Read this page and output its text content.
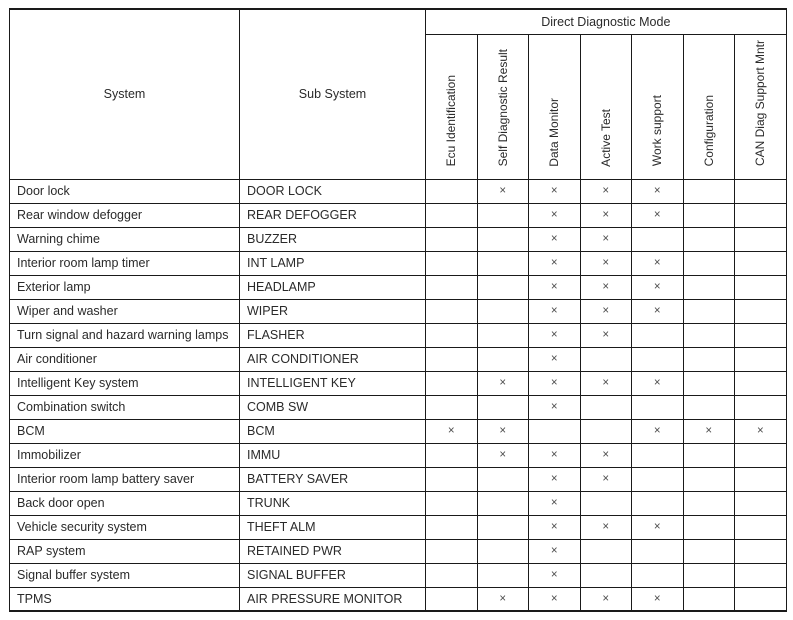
System	Sub System	Direct Diagnostic Mode						
		Ecu Identification	Self Diagnostic Result	Data Monitor	Active Test	Work support	Configuration	CAN Diag Support Mntr
Door lock	DOOR LOCK		×	×	×	×		
Rear window defogger	REAR DEFOGGER			×	×	×		
Warning chime	BUZZER			×	×			
Interior room lamp timer	INT LAMP			×	×	×		
Exterior lamp	HEADLAMP			×	×	×		
Wiper and washer	WIPER			×	×	×		
Turn signal and hazard warning lamps	FLASHER			×	×			
Air conditioner	AIR CONDITIONER			×				
Intelligent Key system	INTELLIGENT KEY		×	×	×	×		
Combination switch	COMB SW			×				
BCM	BCM	×	×			×	×	×
Immobilizer	IMMU		×	×	×			
Interior room lamp battery saver	BATTERY SAVER			×	×			
Back door open	TRUNK			×				
Vehicle security system	THEFT ALM			×	×	×		
RAP system	RETAINED PWR			×				
Signal buffer system	SIGNAL BUFFER			×				
TPMS	AIR PRESSURE MONITOR		×	×	×	×		
